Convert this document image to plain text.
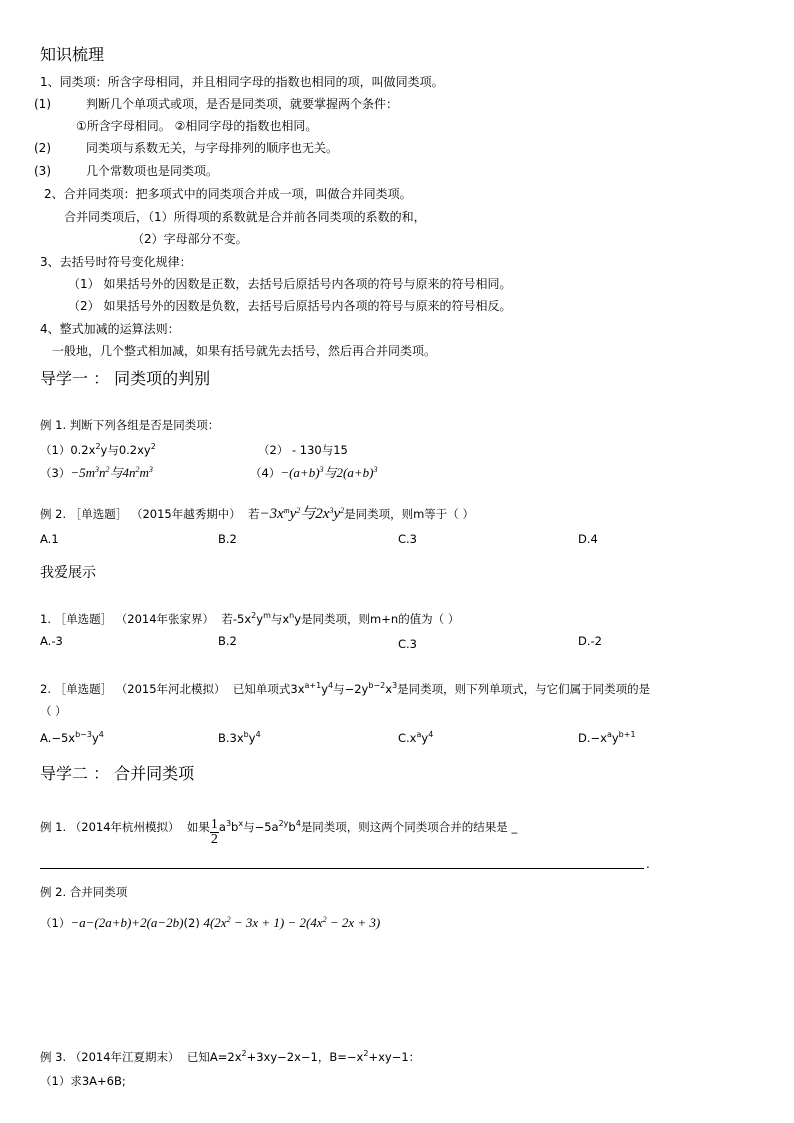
知识梳理
1、同类项：所含字母相同，并且相同字母的指数也相同的项，叫做同类项。
(1)	判断几个单项式或项，是否是同类项，就要掌握两个条件：
①所含字母相同。 ②相同字母的指数也相同。
(2)	同类项与系数无关，与字母排列的顺序也无关。
(3)	几个常数项也是同类项。
2、合并同类项：把多项式中的同类项合并成一项，叫做合并同类项。
合并同类项后，（1）所得项的系数就是合并前各同类项的系数的和，
（2）字母部分不变。
3、去括号时符号变化规律：
（1） 如果括号外的因数是正数，去括号后原括号内各项的符号与原来的符号相同。
（2） 如果括号外的因数是负数，去括号后原括号内各项的符号与原来的符号相反。
4、整式加减的运算法则：
一般地，几个整式相加减，如果有括号就先去括号，然后再合并同类项。
导学一 ： 同类项的判别
例 1. 判断下列各组是否是同类项：
$(1)0.2x^2y$与$0.2xy^2$	（2） - 130与15
$(3)-5m^3n^2$与$4n^2m^3$	$(4)-(a+b)^3$与$2(a+b)^3$
例 2. ［单选题］ （2015年越秀期中） 若$-3x^my^2$与$2x^3y^2$是同类项，则m等于（ ）
A.1	B.2	C.3	D.4
我爱展示
1. ［单选题］ （2014年张家界）  若$-5x^2y^m$与$x^ny$是同类项，则m+n的值为（ ）
A.-3	B.2	C.3	D.-2
2. ［单选题］ （2015年河北模拟）  已知单项式$3x^{a+1}y^4$与$-2y^{b-2}x^3$是同类项，则下列单项式，与它们属于同类项的是
（ ）
$A.-5x^{b-3}y^4$	$B.3x^by^4$	$C.x^ay^4$	$D.-x^ay^{b+1}$
导学二 ： 合并同类项
例 1. （2014年杭州模拟） 如果 $\frac{1}{2} a^3b^x$与$-5a^{2y}b^4$是同类项，则这两个同类项合并的结果是 _
.
例 2. 合并同类项
（1）−a−(2a+b)+2(a−2b)(2) $4(2x^2 - 3x + 1) - 2(4x^2 - 2x + 3)$
例 3. （2014年江夏期末）  已知$A=2x^2+3xy-2x-1$，$B=-x^2+xy-1$：
（1）求3A+6B;
